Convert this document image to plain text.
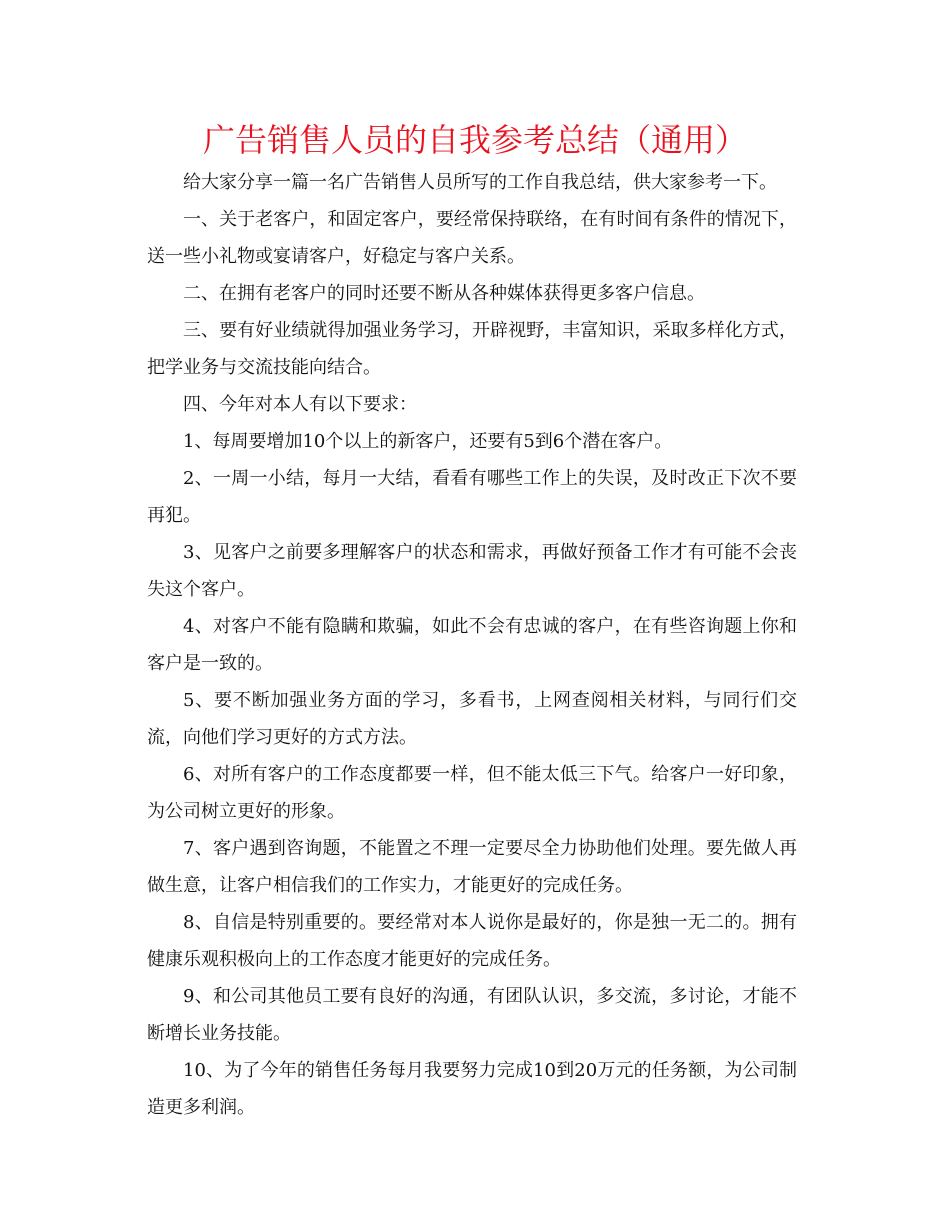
广告销售人员的自我参考总结（通用）

给大家分享一篇一名广告销售人员所写的工作自我总结，供大家参考一下。

一、关于老客户，和固定客户，要经常保持联络，在有时间有条件的情况下，送一些小礼物或宴请客户，好稳定与客户关系。

二、在拥有老客户的同时还要不断从各种媒体获得更多客户信息。

三、要有好业绩就得加强业务学习，开辟视野，丰富知识，采取多样化方式，把学业务与交流技能向结合。

四、今年对本人有以下要求：

1、每周要增加10个以上的新客户，还要有5到6个潜在客户。

2、一周一小结，每月一大结，看看有哪些工作上的失误，及时改正下次不要再犯。

3、见客户之前要多理解客户的状态和需求，再做好预备工作才有可能不会丧失这个客户。

4、对客户不能有隐瞒和欺骗，如此不会有忠诚的客户，在有些咨询题上你和客户是一致的。

5、要不断加强业务方面的学习，多看书，上网查阅相关材料，与同行们交流，向他们学习更好的方式方法。

6、对所有客户的工作态度都要一样，但不能太低三下气。给客户一好印象，为公司树立更好的形象。

7、客户遇到咨询题，不能置之不理一定要尽全力协助他们处理。要先做人再做生意，让客户相信我们的工作实力，才能更好的完成任务。

8、自信是特别重要的。要经常对本人说你是最好的，你是独一无二的。拥有健康乐观积极向上的工作态度才能更好的完成任务。

9、和公司其他员工要有良好的沟通，有团队认识，多交流，多讨论，才能不断增长业务技能。

10、为了今年的销售任务每月我要努力完成10到20万元的任务额，为公司制造更多利润。
